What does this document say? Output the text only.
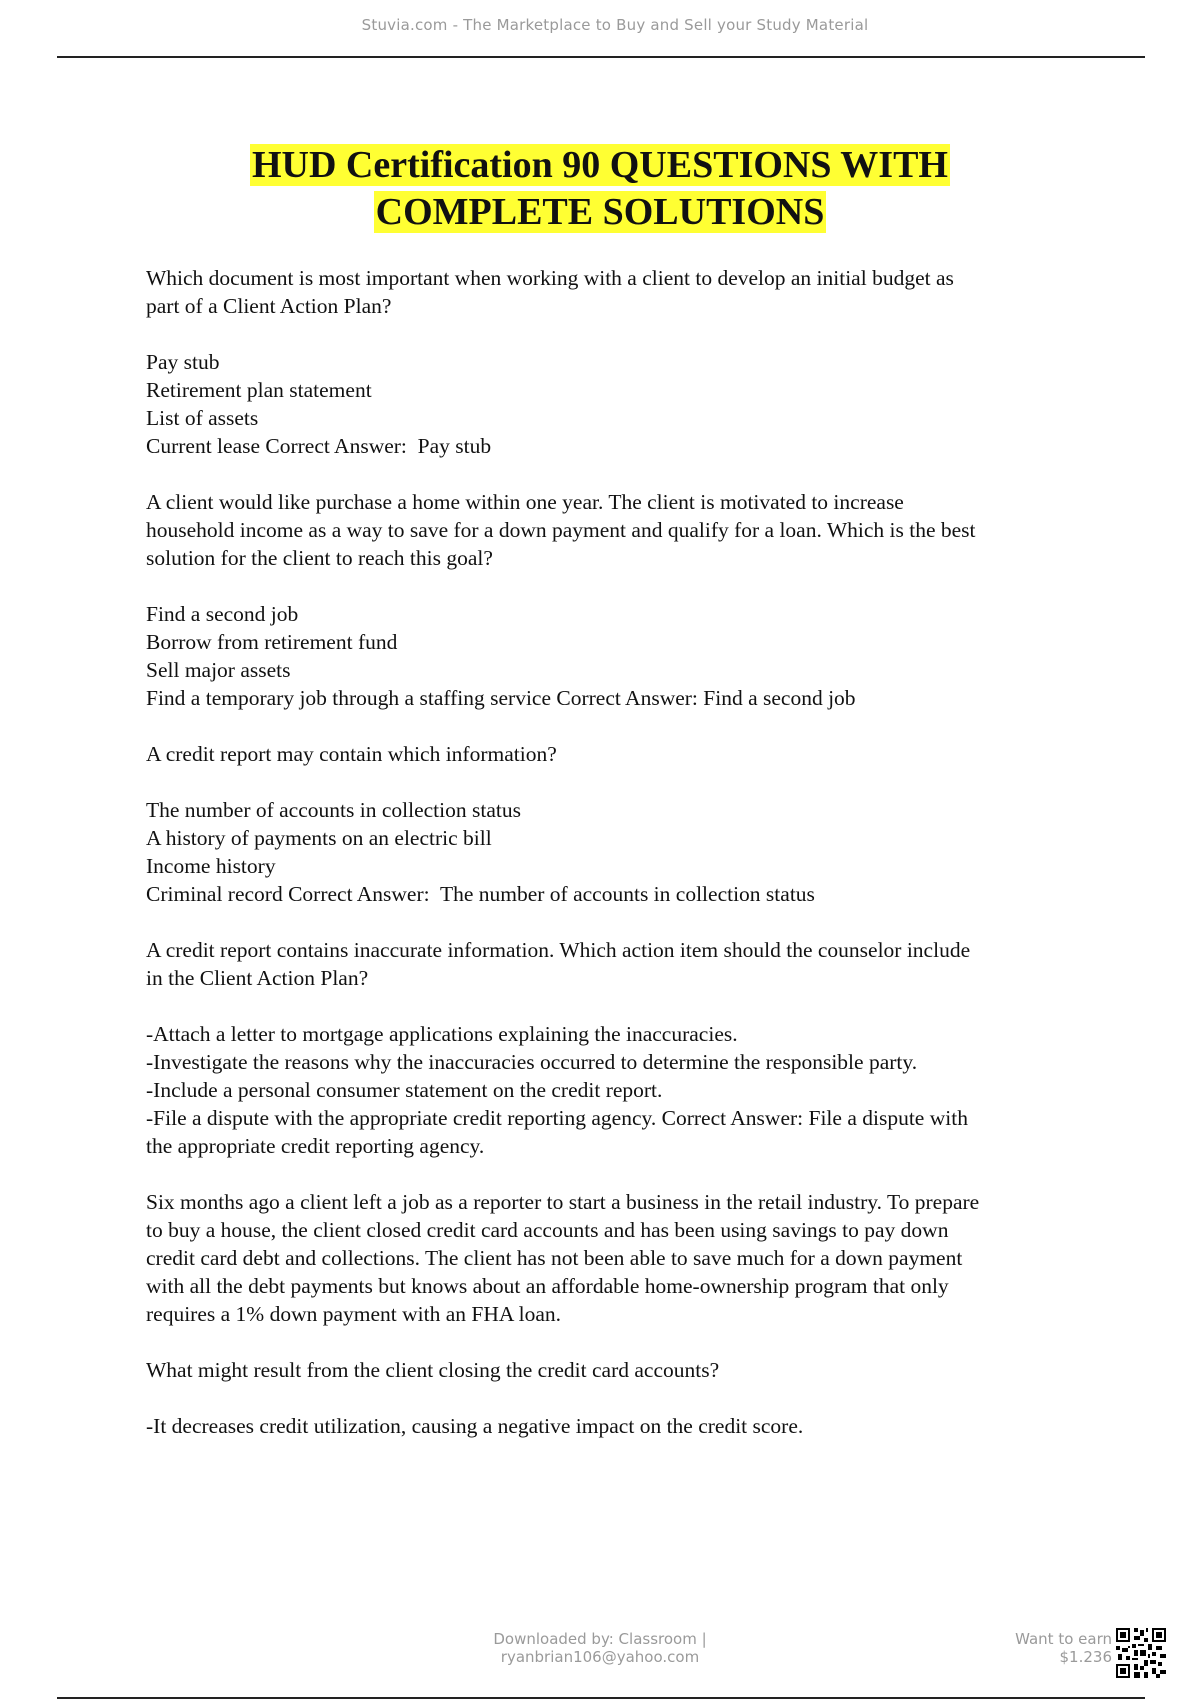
Stuvia.com - The Marketplace to Buy and Sell your Study Material
HUD Certification 90 QUESTIONS WITH
COMPLETE SOLUTIONS
Which document is most important when working with a client to develop an initial budget as
part of a Client Action Plan?
Pay stub
Retirement plan statement
List of assets
Current lease Correct Answer:  Pay stub
A client would like purchase a home within one year. The client is motivated to increase
household income as a way to save for a down payment and qualify for a loan. Which is the best
solution for the client to reach this goal?
Find a second job
Borrow from retirement fund
Sell major assets
Find a temporary job through a staffing service Correct Answer: Find a second job
A credit report may contain which information?
The number of accounts in collection status
A history of payments on an electric bill
Income history
Criminal record Correct Answer:  The number of accounts in collection status
A credit report contains inaccurate information. Which action item should the counselor include
in the Client Action Plan?
-Attach a letter to mortgage applications explaining the inaccuracies.
-Investigate the reasons why the inaccuracies occurred to determine the responsible party.
-Include a personal consumer statement on the credit report.
-File a dispute with the appropriate credit reporting agency. Correct Answer: File a dispute with
the appropriate credit reporting agency.
Six months ago a client left a job as a reporter to start a business in the retail industry. To prepare
to buy a house, the client closed credit card accounts and has been using savings to pay down
credit card debt and collections. The client has not been able to save much for a down payment
with all the debt payments but knows about an affordable home-ownership program that only
requires a 1% down payment with an FHA loan.
What might result from the client closing the credit card accounts?
-It decreases credit utilization, causing a negative impact on the credit score.
Downloaded by: Classroom |
ryanbrian106@yahoo.com
Want to earn
$1.236
